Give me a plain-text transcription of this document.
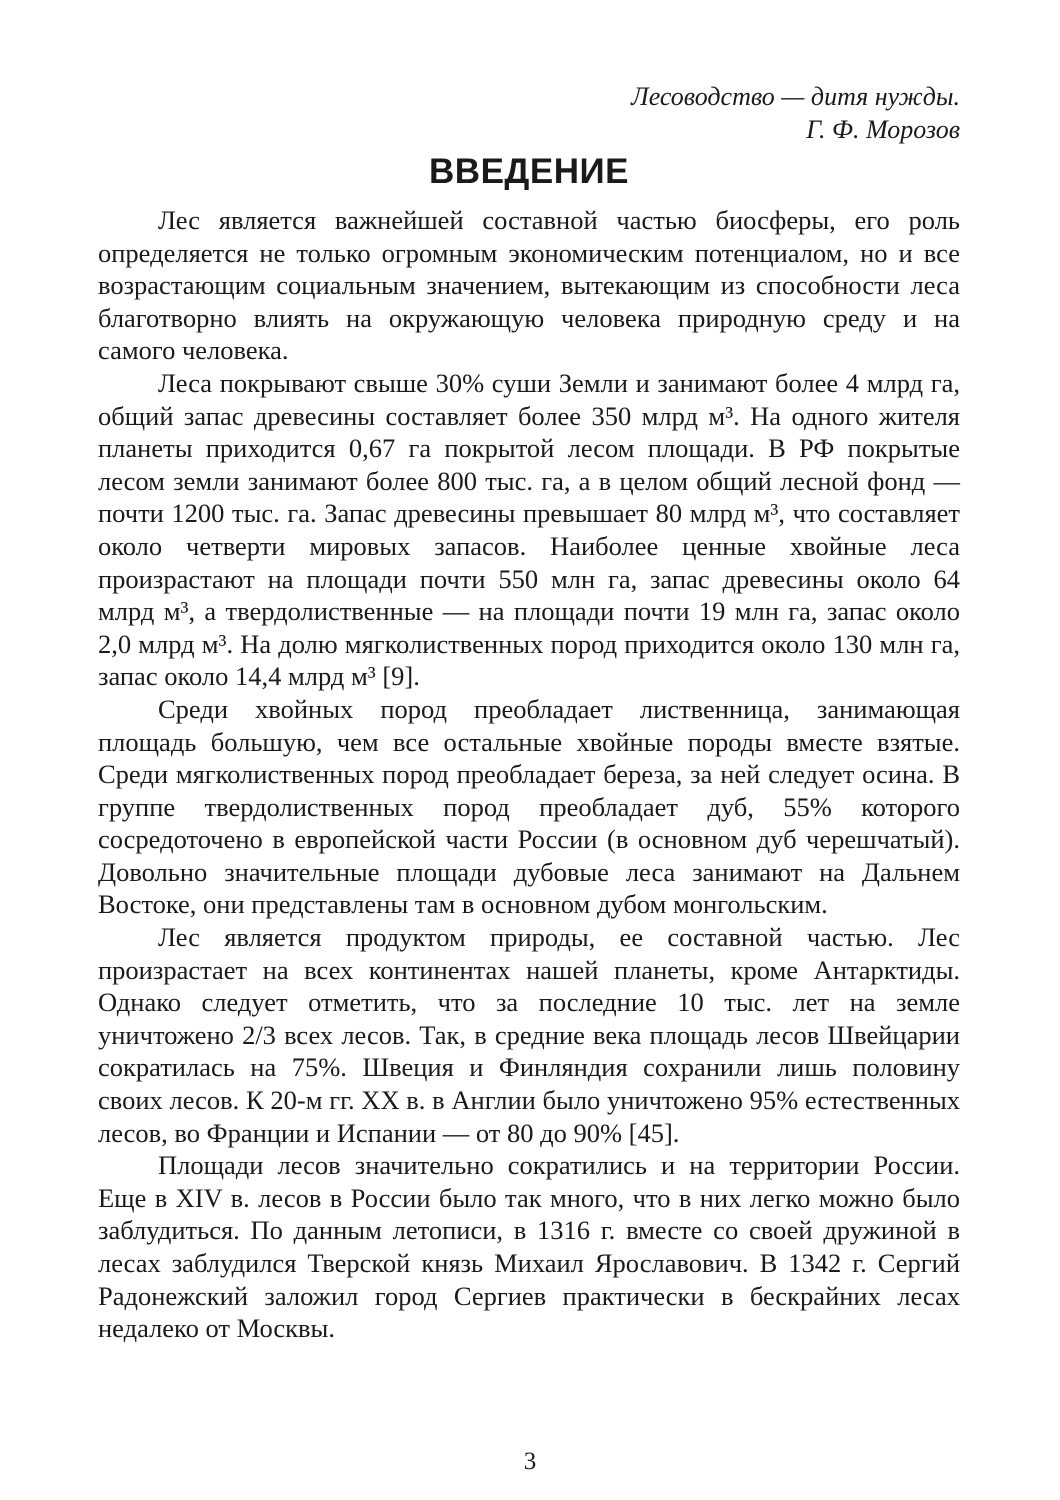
Лесоводство — дитя нужды.
Г. Ф. Морозов
ВВЕДЕНИЕ

Лес является важнейшей составной частью биосферы, его роль определяется не только огромным экономическим потенциалом, но и все возрастающим социальным значением, вытекающим из способности леса благотворно влиять на окружающую человека природную среду и на самого человека.

Леса покрывают свыше 30% суши Земли и занимают более 4 млрд га, общий запас древесины составляет более 350 млрд м³. На одного жителя планеты приходится 0,67 га покрытой лесом площади. В РФ покрытые лесом земли занимают более 800 тыс. га, а в целом общий лесной фонд — почти 1200 тыс. га. Запас древесины превышает 80 млрд м³, что составляет около четверти мировых запасов. Наиболее ценные хвойные леса произрастают на площади почти 550 млн га, запас древесины около 64 млрд м³, а твердолиственные — на площади почти 19 млн га, запас около 2,0 млрд м³. На долю мягколиственных пород приходится около 130 млн га, запас около 14,4 млрд м³ [9].

Среди хвойных пород преобладает лиственница, занимающая площадь большую, чем все остальные хвойные породы вместе взятые. Среди мягколиственных пород преобладает береза, за ней следует осина. В группе твердолиственных пород преобладает дуб, 55% которого сосредоточено в европейской части России (в основном дуб черешчатый). Довольно значительные площади дубовые леса занимают на Дальнем Востоке, они представлены там в основном дубом монгольским.

Лес является продуктом природы, ее составной частью. Лес произрастает на всех континентах нашей планеты, кроме Антарктиды. Однако следует отметить, что за последние 10 тыс. лет на земле уничтожено 2/3 всех лесов. Так, в средние века площадь лесов Швейцарии сократилась на 75%. Швеция и Финляндия сохранили лишь половину своих лесов. К 20-м гг. XX в. в Англии было уничтожено 95% естественных лесов, во Франции и Испании — от 80 до 90% [45].

Площади лесов значительно сократились и на территории России. Еще в XIV в. лесов в России было так много, что в них легко можно было заблудиться. По данным летописи, в 1316 г. вместе со своей дружиной в лесах заблудился Тверской князь Михаил Ярославович. В 1342 г. Сергий Радонежский заложил город Сергиев практически в бескрайних лесах недалеко от Москвы.

3
